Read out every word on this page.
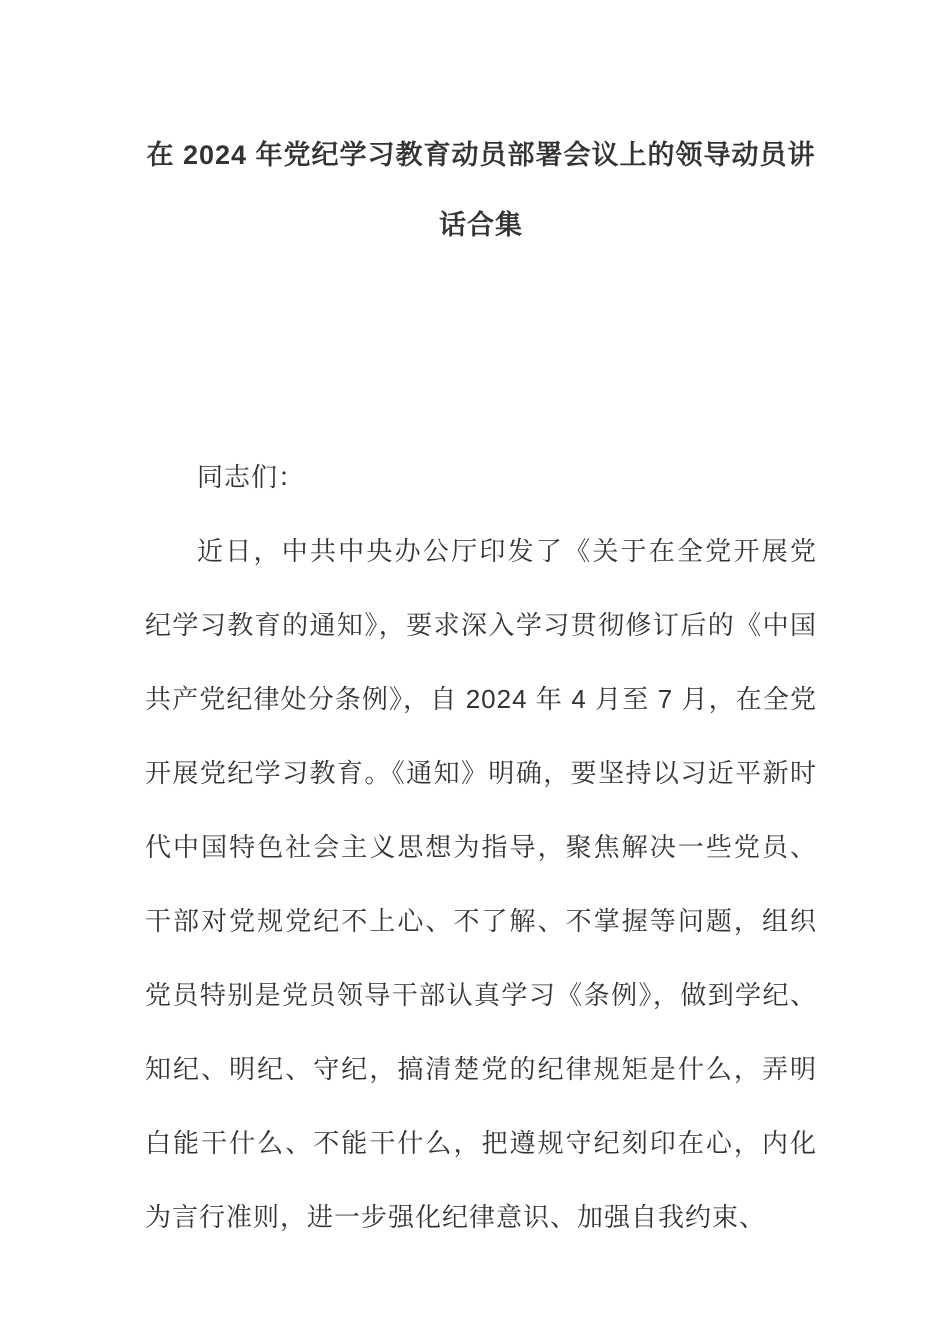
在 2024 年党纪学习教育动员部署会议上的领导动员讲
话合集

同志们：

近日，中共中央办公厅印发了《关于在全党开展党纪学习教育的通知》，要求深入学习贯彻修订后的《中国共产党纪律处分条例》，自 2024 年 4 月至 7 月，在全党开展党纪学习教育。《通知》明确，要坚持以习近平新时代中国特色社会主义思想为指导，聚焦解决一些党员、干部对党规党纪不上心、不了解、不掌握等问题，组织党员特别是党员领导干部认真学习《条例》，做到学纪、知纪、明纪、守纪，搞清楚党的纪律规矩是什么，弄明白能干什么、不能干什么，把遵规守纪刻印在心，内化为言行准则，进一步强化纪律意识、加强自我约束、
